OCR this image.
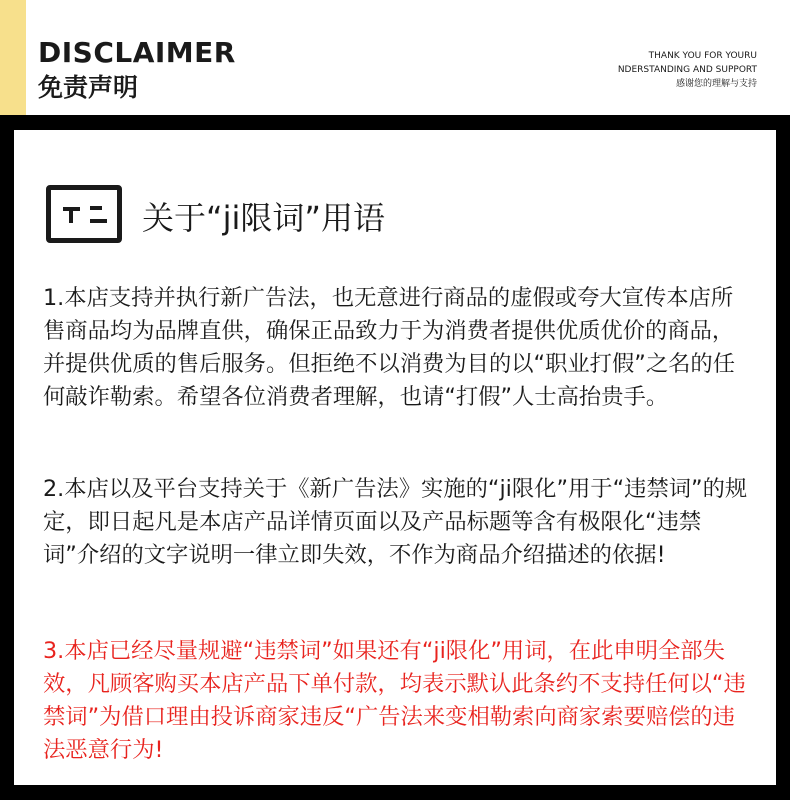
DISCLAIMER
免责声明
THANK YOU FOR YOURU
NDERSTANDING AND SUPPORT
感谢您的理解与支持
关于“ji限词”用语
1.本店支持并执行新广告法，也无意进行商品的虚假或夸大宣传本店所售商品均为品牌直供，确保正品致力于为消费者提供优质优价的商品，并提供优质的售后服务。但拒绝不以消费为目的以“职业打假”之名的任何敲诈勒索。希望各位消费者理解，也请“打假”人士高抬贵手。
2.本店以及平台支持关于《新广告法》实施的“ji限化”用于“违禁词”的规定，即日起凡是本店产品详情页面以及产品标题等含有极限化“违禁词”介绍的文字说明一律立即失效，不作为商品介绍描述的依据!
3.本店已经尽量规避“违禁词”如果还有“ji限化”用词，在此申明全部失效，凡顾客购买本店产品下单付款，均表示默认此条约不支持任何以“违禁词”为借口理由投诉商家违反“广告法来变相勒索向商家索要赔偿的违法恶意行为!
